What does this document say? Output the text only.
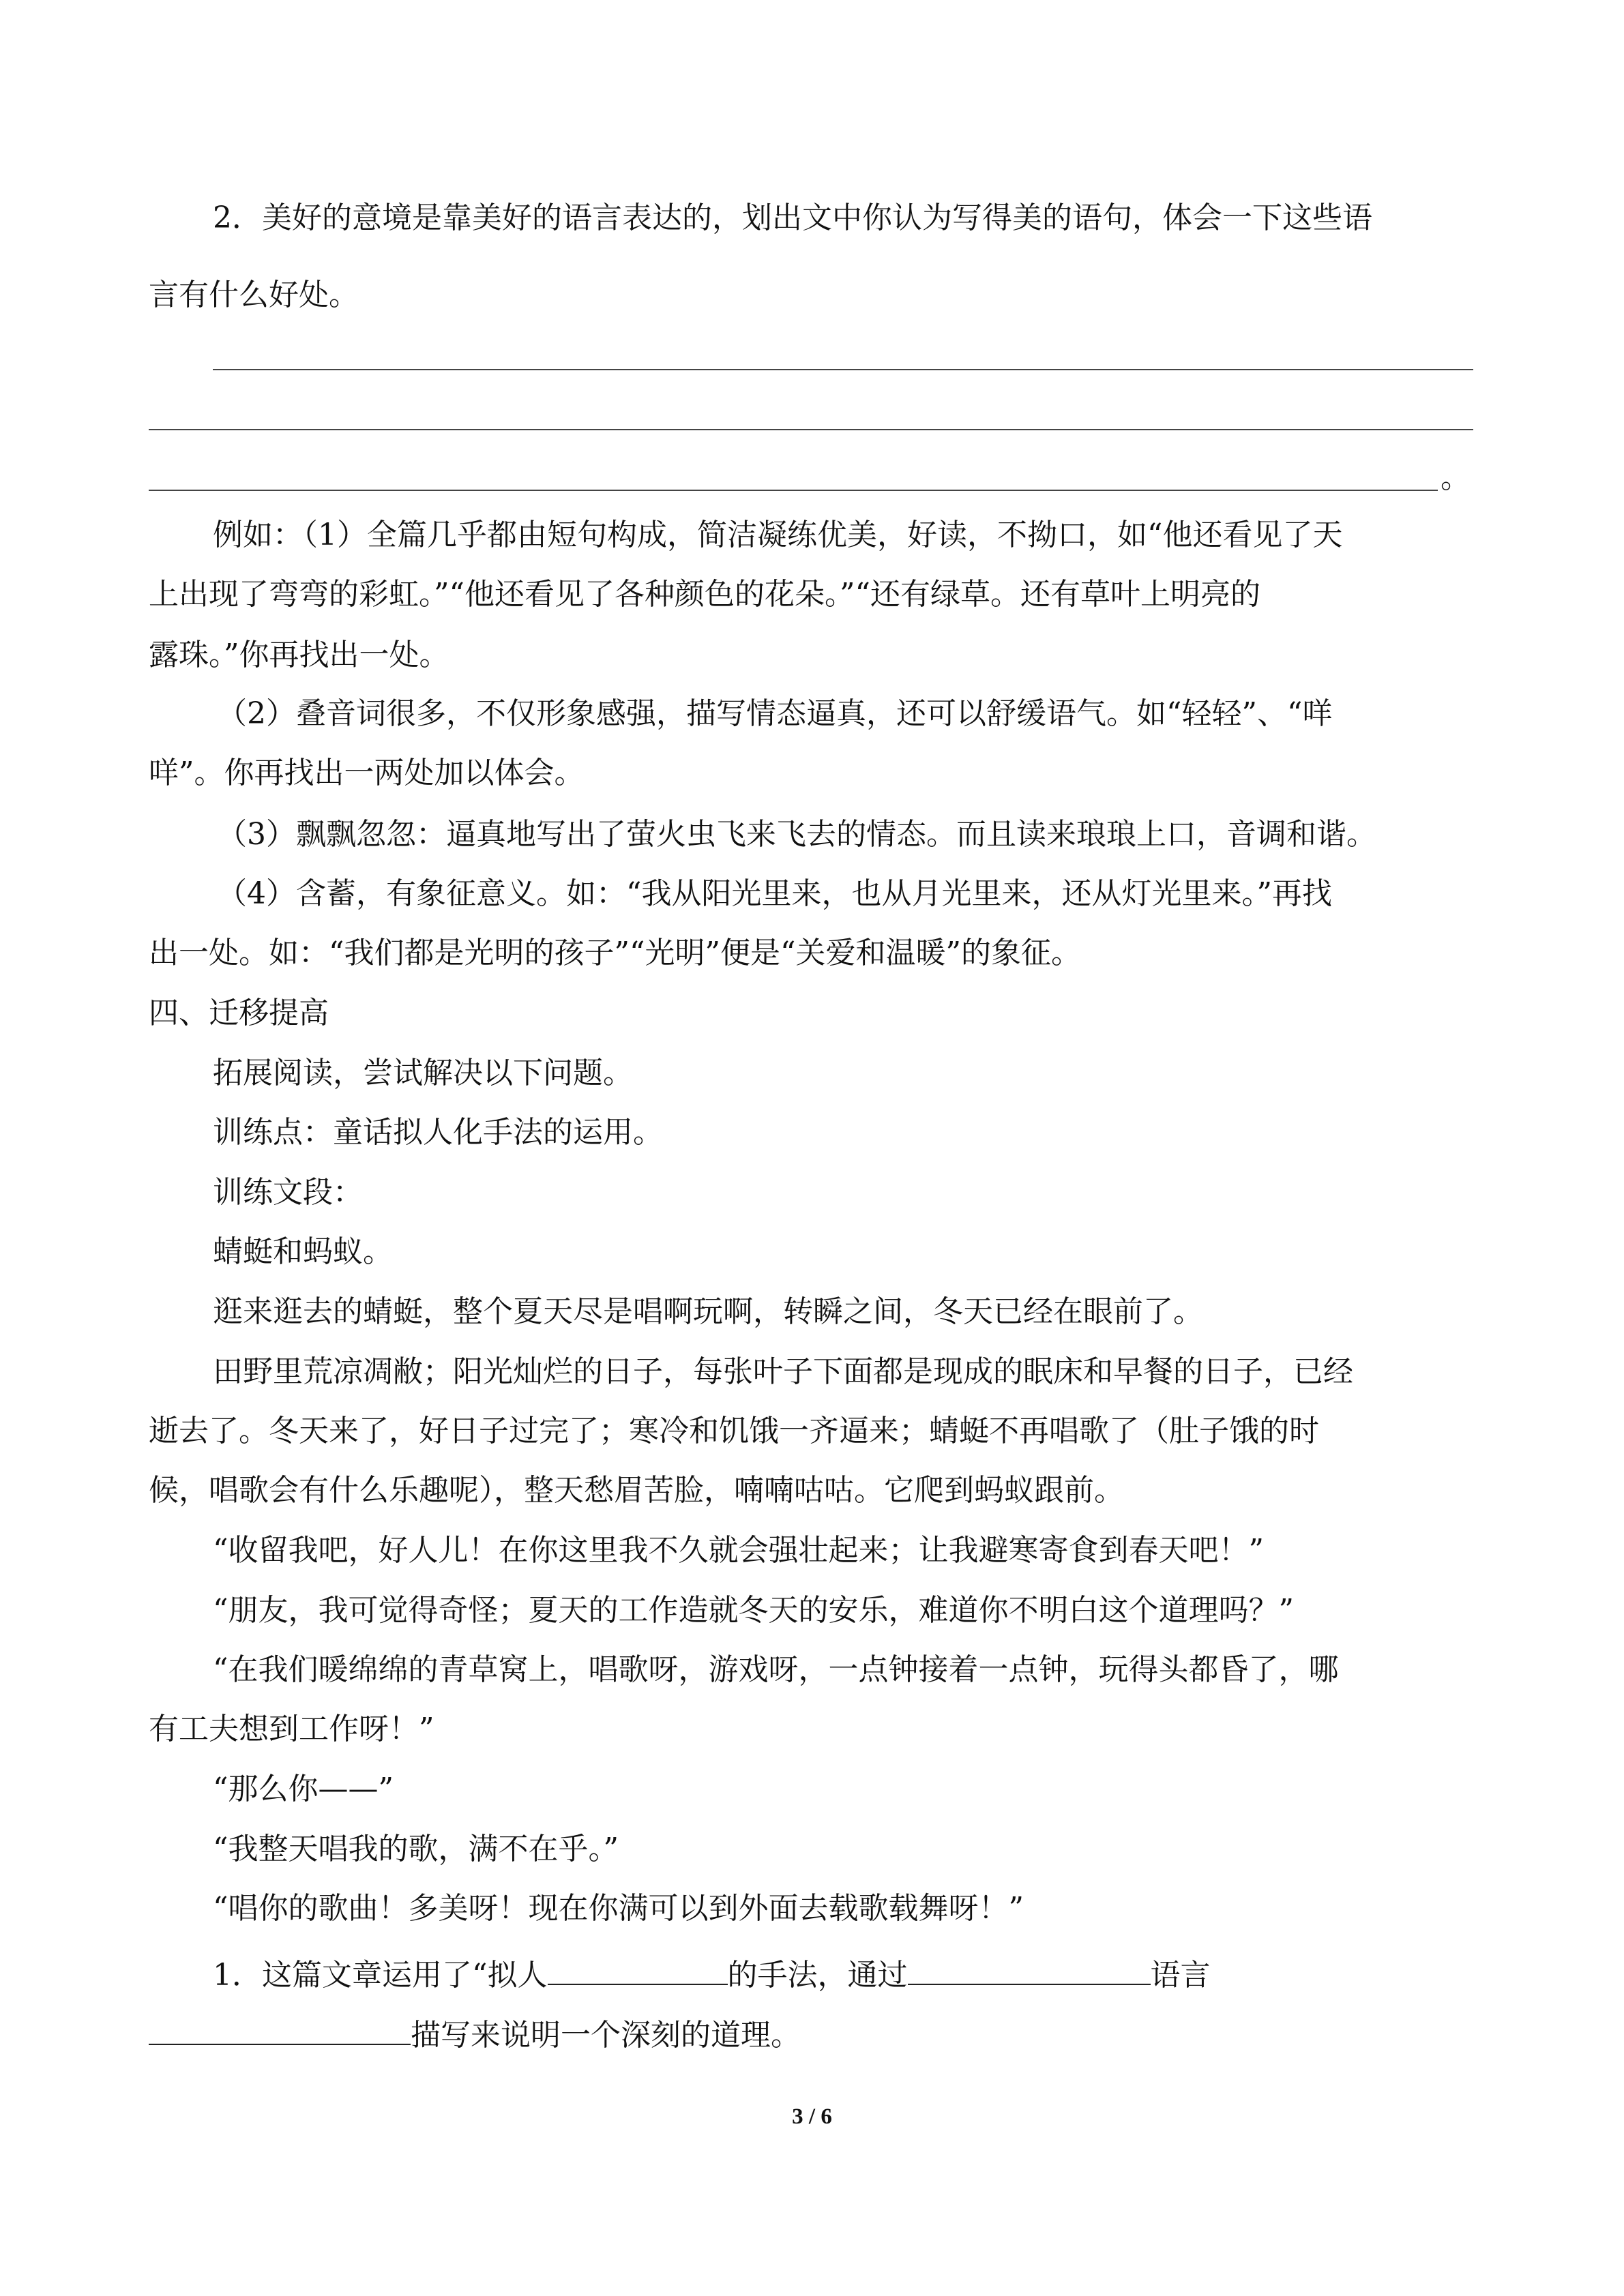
2．美好的意境是靠美好的语言表达的，划出文中你认为写得美的语句，体会一下这些语
言有什么好处。
。
例如：（1）全篇几乎都由短句构成，简洁凝练优美，好读，不拗口，如“他还看见了天
上出现了弯弯的彩虹。”“他还看见了各种颜色的花朵。”“还有绿草。还有草叶上明亮的
露珠。”你再找出一处。
（2）叠音词很多，不仅形象感强，描写情态逼真，还可以舒缓语气。如“轻轻”、“咩
咩”。你再找出一两处加以体会。
（3）飘飘忽忽：逼真地写出了萤火虫飞来飞去的情态。而且读来琅琅上口，音调和谐。
（4）含蓄，有象征意义。如：“我从阳光里来，也从月光里来，还从灯光里来。”再找
出一处。如：“我们都是光明的孩子”“光明”便是“关爱和温暖”的象征。
四、迁移提高
拓展阅读，尝试解决以下问题。
训练点：童话拟人化手法的运用。
训练文段：
蜻蜓和蚂蚁。
逛来逛去的蜻蜓，整个夏天尽是唱啊玩啊，转瞬之间，冬天已经在眼前了。
田野里荒凉凋敝；阳光灿烂的日子，每张叶子下面都是现成的眠床和早餐的日子，已经
逝去了。冬天来了，好日子过完了；寒冷和饥饿一齐逼来；蜻蜓不再唱歌了（肚子饿的时
候，唱歌会有什么乐趣呢），整天愁眉苦脸，喃喃咕咕。它爬到蚂蚁跟前。
“收留我吧，好人儿！在你这里我不久就会强壮起来；让我避寒寄食到春天吧！”
“朋友，我可觉得奇怪；夏天的工作造就冬天的安乐，难道你不明白这个道理吗？”
“在我们暖绵绵的青草窝上，唱歌呀，游戏呀，一点钟接着一点钟，玩得头都昏了，哪
有工夫想到工作呀！”
“那么你——”
“我整天唱我的歌，满不在乎。”
“唱你的歌曲！多美呀！现在你满可以到外面去载歌载舞呀！”
1．这篇文章运用了“拟人	的手法，通过	语言
描写来说明一个深刻的道理。
3 / 6
